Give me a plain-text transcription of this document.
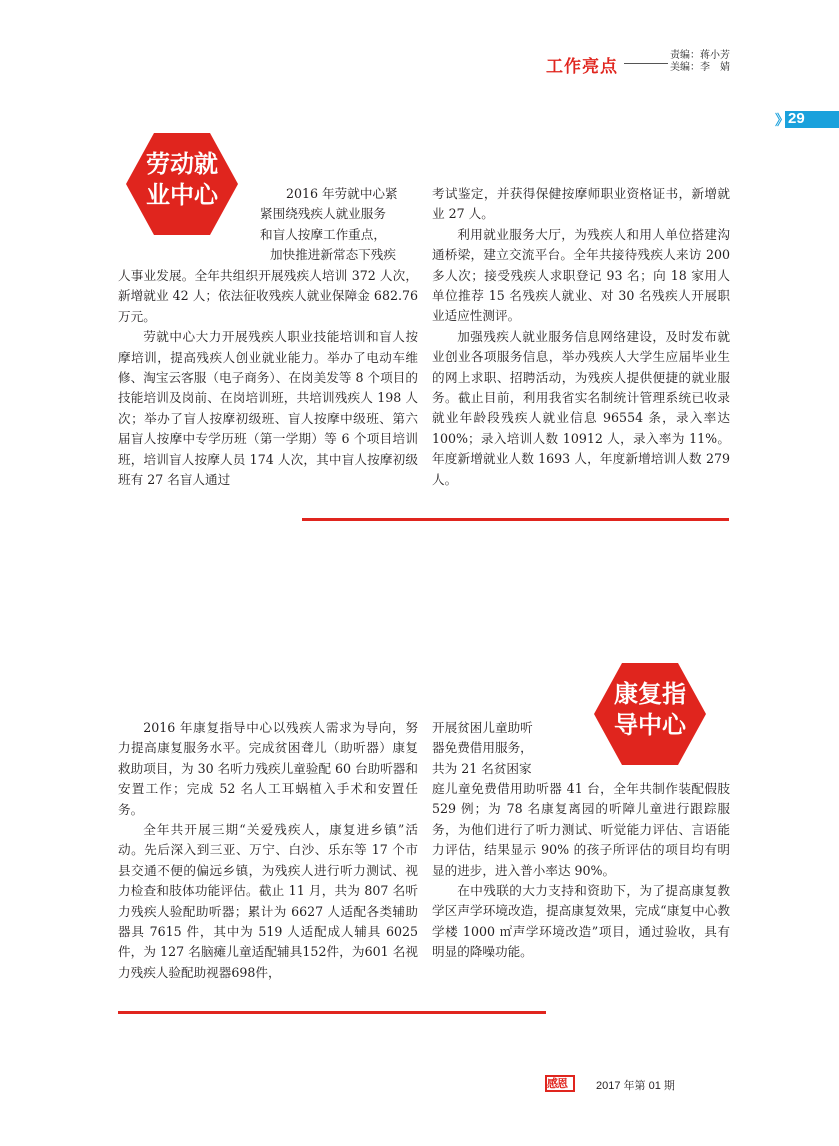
工作亮点
责编：蒋小芳
美编：李　婧
》 29
劳动就
业中心	2016 年劳就中心紧

紧围绕残疾人就业服务

和盲人按摩工作重点，

加快推进新常态下残疾

人事业发展。全年共组织开展残疾人培训 372 人次，新增就业 42 人；依法征收残疾人就业保障金 682.76 万元。

劳就中心大力开展残疾人职业技能培训和盲人按摩培训，提高残疾人创业就业能力。举办了电动车维修、淘宝云客服（电子商务）、在岗美发等 8 个项目的技能培训及岗前、在岗培训班，共培训残疾人 198 人次；举办了盲人按摩初级班、盲人按摩中级班、第六届盲人按摩中专学历班（第一学期）等 6 个项目培训班，培训盲人按摩人员 174 人次，其中盲人按摩初级班有 27 名盲人通过

考试鉴定，并获得保健按摩师职业资格证书，新增就业 27 人。

利用就业服务大厅，为残疾人和用人单位搭建沟通桥梁，建立交流平台。全年共接待残疾人来访 200 多人次；接受残疾人求职登记 93 名；向 18 家用人单位推荐 15 名残疾人就业、对 30 名残疾人开展职业适应性测评。

加强残疾人就业服务信息网络建设，及时发布就业创业各项服务信息，举办残疾人大学生应届毕业生的网上求职、招聘活动，为残疾人提供便捷的就业服务。截止目前，利用我省实名制统计管理系统已收录就业年龄段残疾人就业信息 96554 条，录入率达 100%；录入培训人数 10912 人，录入率为 11%。年度新增就业人数 1693 人，年度新增培训人数 279 人。

康复指
导中心

2016 年康复指导中心以残疾人需求为导向，努力提高康复服务水平。完成贫困聋儿（助听器）康复救助项目，为 30 名听力残疾儿童验配 60 台助听器和安置工作；完成 52 名人工耳蜗植入手术和安置任务。

全年共开展三期“关爱残疾人，康复进乡镇”活动。先后深入到三亚、万宁、白沙、乐东等 17 个市县交通不便的偏远乡镇，为残疾人进行听力测试、视力检查和肢体功能评估。截止 11 月，共为 807 名听力残疾人验配助听器；累计为 6627 人适配各类辅助器具 7615 件，其中为 519 人适配成人辅具 6025 件，为 127 名脑瘫儿童适配辅具152件，为601 名视力残疾人验配助视器698件，

开展贫困儿童助听

器免费借用服务，

共为 21 名贫困家

庭儿童免费借用助听器 41 台，全年共制作装配假肢 529 例；为 78 名康复离园的听障儿童进行跟踪服务，为他们进行了听力测试、听觉能力评估、言语能力评估，结果显示 90% 的孩子所评估的项目均有明显的进步，进入普小率达 90%。

在中残联的大力支持和资助下，为了提高康复教学区声学环境改造，提高康复效果，完成“康复中心教学楼 1000 ㎡声学环境改造”项目，通过验收，具有明显的降噪功能。

感恩	2017 年第 01 期
